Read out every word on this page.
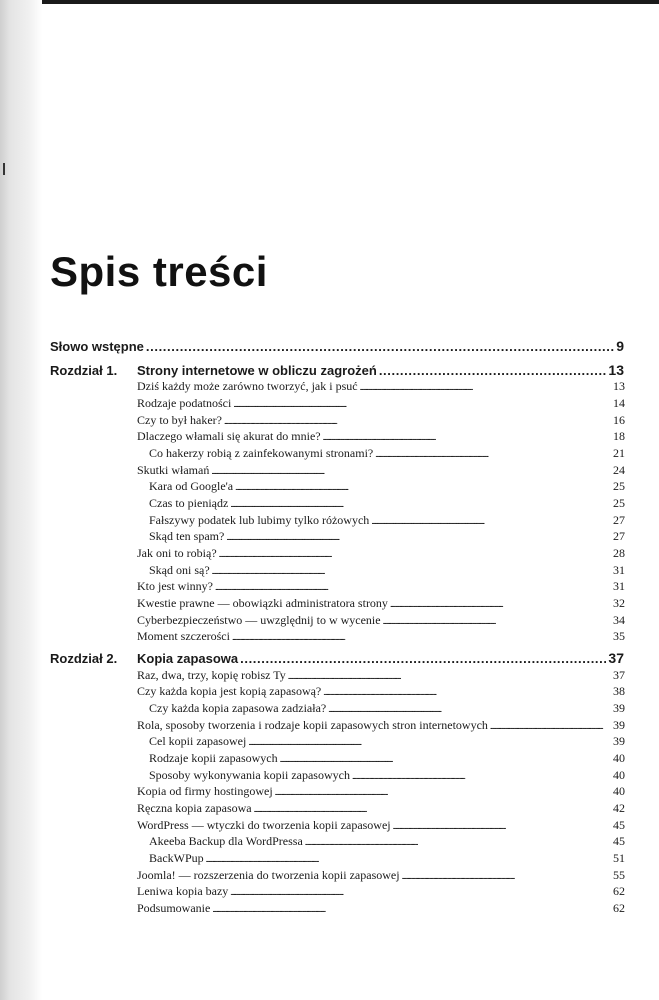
Spis treści
Słowo wstępne . . .	9
Rozdział 1.	Strony internetowe w obliczu zagrożeń . . .	13
Dziś każdy może zarówno tworzyć, jak i psuć . . .	13
Rodzaje podatności . . .	14
Czy to był haker? . . .	16
Dlaczego włamali się akurat do mnie? . . .	18
Co hakerzy robią z zainfekowanymi stronami? . . .	21
Skutki włamań . . .	24
Kara od Google'a . . .	25
Czas to pieniądz . . .	25
Fałszywy podatek lub lubimy tylko różowych . . .	27
Skąd ten spam? . . .	27
Jak oni to robią? . . .	28
Skąd oni są? . . .	31
Kto jest winny? . . .	31
Kwestie prawne — obowiązki administratora strony . . .	32
Cyberbezpieczeństwo — uwzględnij to w wycenie . . .	34
Moment szczerości . . .	35
Rozdział 2.	Kopia zapasowa . . .	37
Raz, dwa, trzy, kopię robisz Ty . . .	37
Czy każda kopia jest kopią zapasową? . . .	38
Czy każda kopia zapasowa zadziała? . . .	39
Rola, sposoby tworzenia i rodzaje kopii zapasowych stron internetowych . . .	39
Cel kopii zapasowej . . .	39
Rodzaje kopii zapasowych . . .	40
Sposoby wykonywania kopii zapasowych . . .	40
Kopia od firmy hostingowej . . .	40
Ręczna kopia zapasowa . . .	42
WordPress — wtyczki do tworzenia kopii zapasowej . . .	45
Akeeba Backup dla WordPressa . . .	45
BackWPup . . .	51
Joomla! — rozszerzenia do tworzenia kopii zapasowej . . .	55
Leniwa kopia bazy . . .	62
Podsumowanie . . .	62
